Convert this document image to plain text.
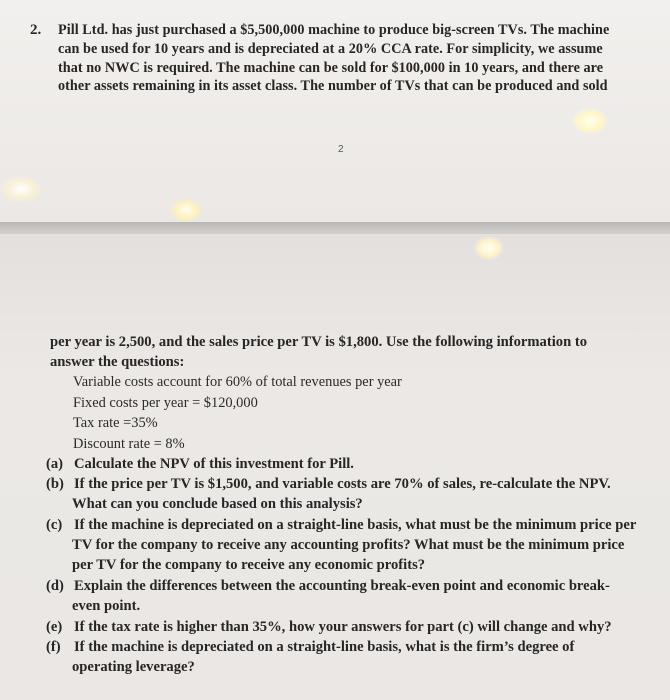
2. Pill Ltd. has just purchased a $5,500,000 machine to produce big-screen TVs. The machine
can be used for 10 years and is depreciated at a 20% CCA rate. For simplicity, we assume
that no NWC is required. The machine can be sold for $100,000 in 10 years, and there are
other assets remaining in its asset class. The number of TVs that can be produced and sold
2
per year is 2,500, and the sales price per TV is $1,800. Use the following information to
answer the questions:
Variable costs account for 60% of total revenues per year
Fixed costs per year = $120,000
Tax rate =35%
Discount rate = 8%
(a) Calculate the NPV of this investment for Pill.
(b) If the price per TV is $1,500, and variable costs are 70% of sales, re-calculate the NPV.
What can you conclude based on this analysis?
(c) If the machine is depreciated on a straight-line basis, what must be the minimum price per
TV for the company to receive any accounting profits? What must be the minimum price
per TV for the company to receive any economic profits?
(d) Explain the differences between the accounting break-even point and economic break-
even point.
(e) If the tax rate is higher than 35%, how your answers for part (c) will change and why?
(f) If the machine is depreciated on a straight-line basis, what is the firm’s degree of
operating leverage?
